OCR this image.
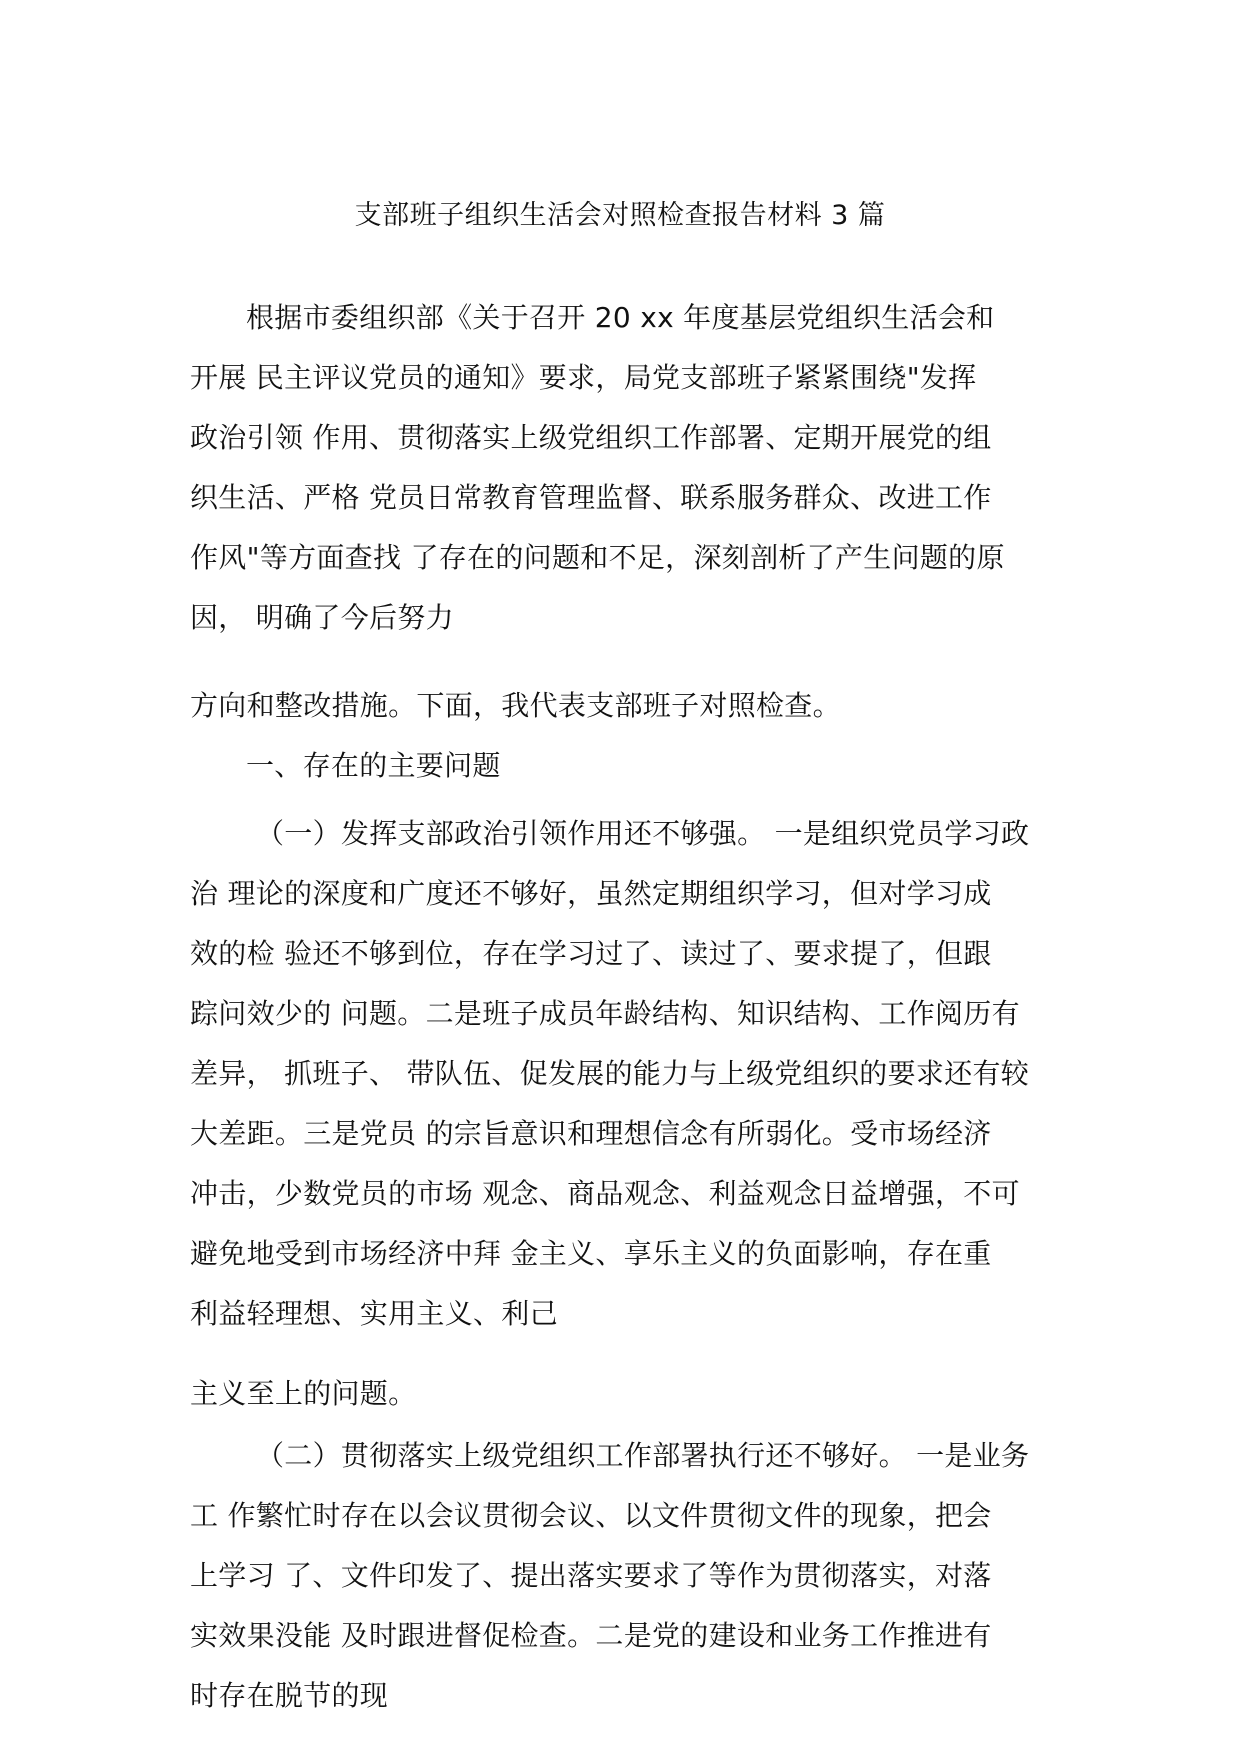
支部班子组织生活会对照检查报告材料 3 篇
根据市委组织部《关于召开 20 xx 年度基层党组织生活会和
开展 民主评议党员的通知》要求，局党支部班子紧紧围绕"发挥
政治引领 作用、贯彻落实上级党组织工作部署、定期开展党的组
织生活、严格 党员日常教育管理监督、联系服务群众、改进工作
作风"等方面查找 了存在的问题和不足，深刻剖析了产生问题的原
因， 明确了今后努力
方向和整改措施。下面，我代表支部班子对照检查。
一、存在的主要问题
（一）发挥支部政治引领作用还不够强。 一是组织党员学习政
治 理论的深度和广度还不够好，虽然定期组织学习，但对学习成
效的检 验还不够到位，存在学习过了、读过了、要求提了，但跟
踪问效少的 问题。二是班子成员年龄结构、知识结构、工作阅历有
差异， 抓班子、 带队伍、促发展的能力与上级党组织的要求还有较
大差距。三是党员 的宗旨意识和理想信念有所弱化。受市场经济
冲击，少数党员的市场 观念、商品观念、利益观念日益增强，不可
避免地受到市场经济中拜 金主义、享乐主义的负面影响，存在重
利益轻理想、实用主义、利己
主义至上的问题。
（二）贯彻落实上级党组织工作部署执行还不够好。 一是业务
工 作繁忙时存在以会议贯彻会议、以文件贯彻文件的现象，把会
上学习 了、文件印发了、提出落实要求了等作为贯彻落实，对落
实效果没能 及时跟进督促检查。二是党的建设和业务工作推进有
时存在脱节的现
